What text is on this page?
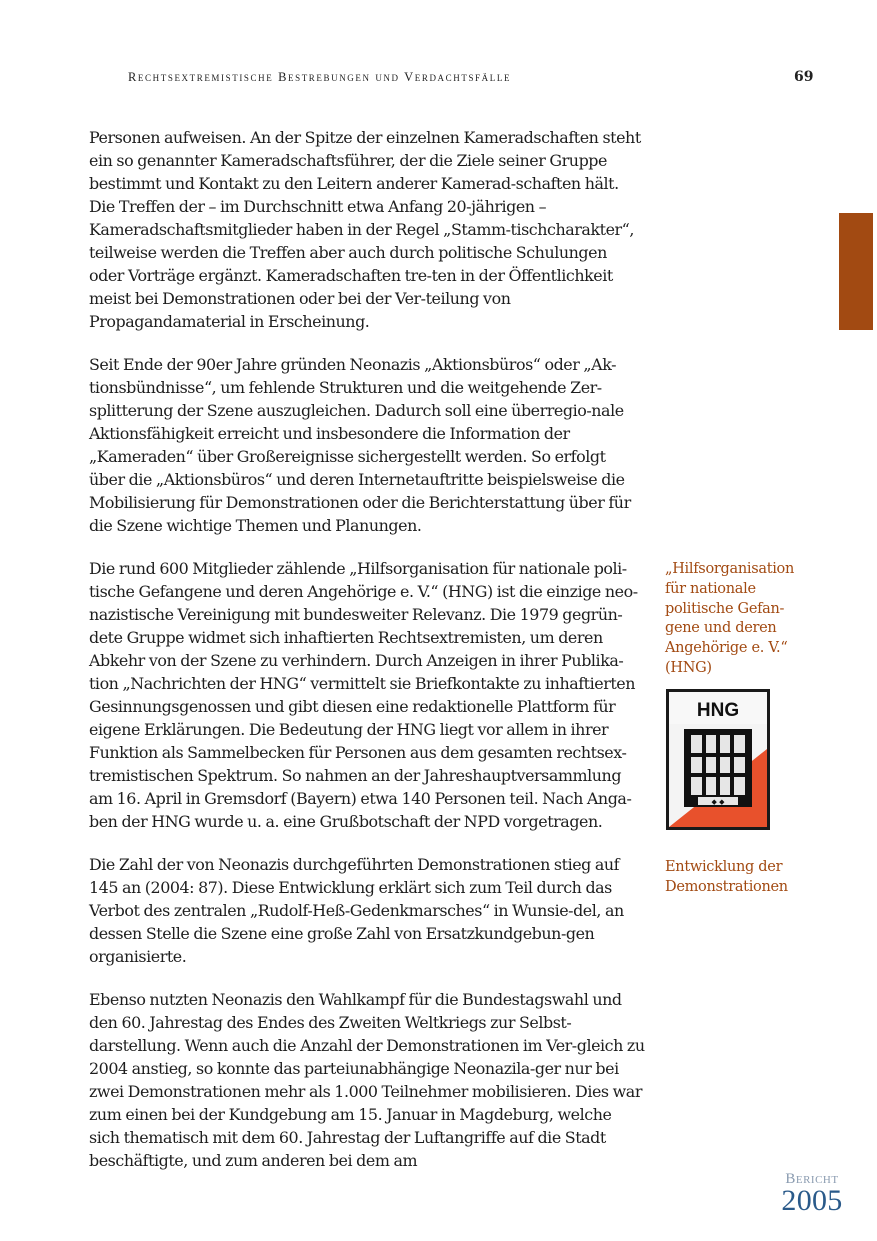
Rechtsextremistische Bestrebungen und Verdachtsfälle	69

Personen aufweisen. An der Spitze der einzelnen Kameradschaften steht ein so genannter Kameradschaftsführer, der die Ziele seiner Gruppe bestimmt und Kontakt zu den Leitern anderer Kamerad-schaften hält. Die Treffen der – im Durchschnitt etwa Anfang 20-jährigen – Kameradschaftsmitglieder haben in der Regel „Stamm-tischcharakter“, teilweise werden die Treffen aber auch durch politische Schulungen oder Vorträge ergänzt. Kameradschaften tre-ten in der Öffentlichkeit meist bei Demonstrationen oder bei der Ver-teilung von Propagandamaterial in Erscheinung.

Seit Ende der 90er Jahre gründen Neonazis „Aktionsbüros“ oder „Ak-tionsbündnisse“, um fehlende Strukturen und die weitgehende Zer-splitterung der Szene auszugleichen. Dadurch soll eine überregio-nale Aktionsfähigkeit erreicht und insbesondere die Information der „Kameraden“ über Großereignisse sichergestellt werden. So erfolgt über die „Aktionsbüros“ und deren Internetauftritte beispielsweise die Mobilisierung für Demonstrationen oder die Berichterstattung über für die Szene wichtige Themen und Planungen.

Die rund 600 Mitglieder zählende „Hilfsorganisation für nationale poli-tische Gefangene und deren Angehörige e. V.“ (HNG) ist die einzige neo-nazistische Vereinigung mit bundesweiter Relevanz. Die 1979 gegrün-dete Gruppe widmet sich inhaftierten Rechtsextremisten, um deren Abkehr von der Szene zu verhindern. Durch Anzeigen in ihrer Publika-tion „Nachrichten der HNG“ vermittelt sie Briefkontakte zu inhaftierten Gesinnungsgenossen und gibt diesen eine redaktionelle Plattform für eigene Erklärungen. Die Bedeutung der HNG liegt vor allem in ihrer Funktion als Sammelbecken für Personen aus dem gesamten rechtsex-tremistischen Spektrum. So nahmen an der Jahreshauptversammlung am 16. April in Gremsdorf (Bayern) etwa 140 Personen teil. Nach Anga-ben der HNG wurde u. a. eine Grußbotschaft der NPD vorgetragen.

Die Zahl der von Neonazis durchgeführten Demonstrationen stieg auf 145 an (2004: 87). Diese Entwicklung erklärt sich zum Teil durch das Verbot des zentralen „Rudolf-Heß-Gedenkmarsches“ in Wunsie-del, an dessen Stelle die Szene eine große Zahl von Ersatzkundgebun-gen organisierte.

Ebenso nutzten Neonazis den Wahlkampf für die Bundestagswahl und den 60. Jahrestag des Endes des Zweiten Weltkriegs zur Selbst-darstellung. Wenn auch die Anzahl der Demonstrationen im Ver-gleich zu 2004 anstieg, so konnte das parteiunabhängige Neonazila-ger nur bei zwei Demonstrationen mehr als 1.000 Teilnehmer mobilisieren. Dies war zum einen bei der Kundgebung am 15. Januar in Magdeburg, welche sich thematisch mit dem 60. Jahrestag der Luftangriffe auf die Stadt beschäftigte, und zum anderen bei dem am

„Hilfsorganisation für nationale politische Gefan-gene und deren Angehörige e. V.“ (HNG)
HNG
◆ ◆
Entwicklung der Demonstrationen
Bericht
2005
